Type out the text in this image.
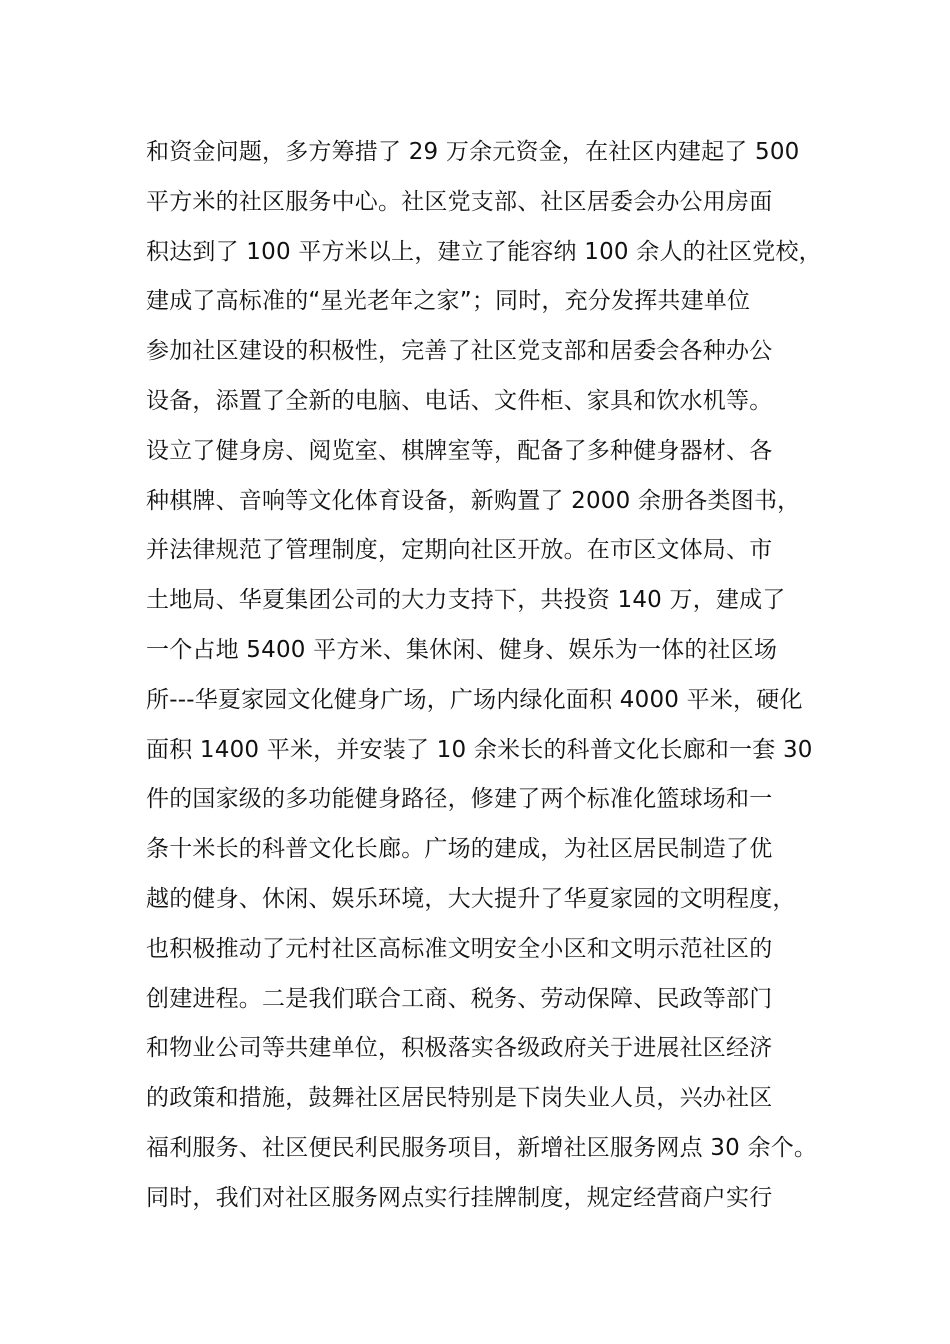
和资金问题，多方筹措了 29 万余元资金，在社区内建起了 500
平方米的社区服务中心。社区党支部、社区居委会办公用房面
积达到了 100 平方米以上，建立了能容纳 100 余人的社区党校，
建成了高标准的“星光老年之家”；同时，充分发挥共建单位
参加社区建设的积极性，完善了社区党支部和居委会各种办公
设备，添置了全新的电脑、电话、文件柜、家具和饮水机等。
设立了健身房、阅览室、棋牌室等，配备了多种健身器材、各
种棋牌、音响等文化体育设备，新购置了 2000 余册各类图书，
并法律规范了管理制度，定期向社区开放。在市区文体局、市
土地局、华夏集团公司的大力支持下，共投资 140 万，建成了
一个占地 5400 平方米、集休闲、健身、娱乐为一体的社区场
所---华夏家园文化健身广场，广场内绿化面积 4000 平米，硬化
面积 1400 平米，并安装了 10 余米长的科普文化长廊和一套 30
件的国家级的多功能健身路径，修建了两个标准化篮球场和一
条十米长的科普文化长廊。广场的建成，为社区居民制造了优
越的健身、休闲、娱乐环境，大大提升了华夏家园的文明程度，
也积极推动了元村社区高标准文明安全小区和文明示范社区的
创建进程。二是我们联合工商、税务、劳动保障、民政等部门
和物业公司等共建单位，积极落实各级政府关于进展社区经济
的政策和措施，鼓舞社区居民特别是下岗失业人员，兴办社区
福利服务、社区便民利民服务项目，新增社区服务网点 30 余个。
同时，我们对社区服务网点实行挂牌制度，规定经营商户实行
